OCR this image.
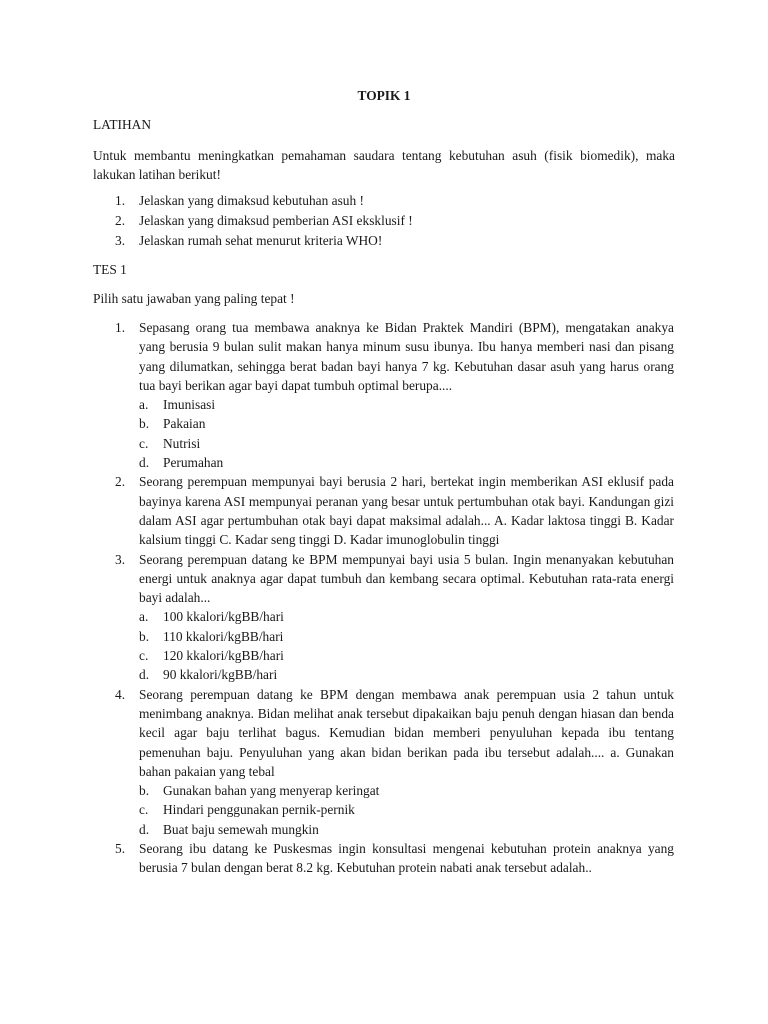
TOPIK 1
LATIHAN
Untuk membantu meningkatkan pemahaman saudara tentang kebutuhan asuh (fisik biomedik), maka lakukan latihan berikut!
1. Jelaskan yang dimaksud kebutuhan asuh !
2. Jelaskan yang dimaksud pemberian ASI eksklusif !
3. Jelaskan rumah sehat menurut kriteria WHO!
TES 1
Pilih satu jawaban yang paling tepat !
1. Sepasang orang tua membawa anaknya ke Bidan Praktek Mandiri (BPM), mengatakan anakya yang berusia 9 bulan sulit makan hanya minum susu ibunya. Ibu hanya memberi nasi dan pisang yang dilumatkan, sehingga berat badan bayi hanya 7 kg. Kebutuhan dasar asuh yang harus orang tua bayi berikan agar bayi dapat tumbuh optimal berupa....
a. Imunisasi
b. Pakaian
c. Nutrisi
d. Perumahan
2. Seorang perempuan mempunyai bayi berusia 2 hari, bertekat ingin memberikan ASI eklusif pada bayinya karena ASI mempunyai peranan yang besar untuk pertumbuhan otak bayi. Kandungan gizi dalam ASI agar pertumbuhan otak bayi dapat maksimal adalah... A. Kadar laktosa tinggi B. Kadar kalsium tinggi C. Kadar seng tinggi D. Kadar imunoglobulin tinggi
3. Seorang perempuan datang ke BPM mempunyai bayi usia 5 bulan. Ingin menanyakan kebutuhan energi untuk anaknya agar dapat tumbuh dan kembang secara optimal. Kebutuhan rata-rata energi bayi adalah...
a. 100 kkalori/kgBB/hari
b. 110 kkalori/kgBB/hari
c. 120 kkalori/kgBB/hari
d. 90 kkalori/kgBB/hari
4. Seorang perempuan datang ke BPM dengan membawa anak perempuan usia 2 tahun untuk menimbang anaknya. Bidan melihat anak tersebut dipakaikan baju penuh dengan hiasan dan benda kecil agar baju terlihat bagus. Kemudian bidan memberi penyuluhan kepada ibu tentang pemenuhan baju. Penyuluhan yang akan bidan berikan pada ibu tersebut adalah.... a. Gunakan bahan pakaian yang tebal
b. Gunakan bahan yang menyerap keringat
c. Hindari penggunakan pernik-pernik
d. Buat baju semewah mungkin
5. Seorang ibu datang ke Puskesmas ingin konsultasi mengenai kebutuhan protein anaknya yang berusia 7 bulan dengan berat 8.2 kg. Kebutuhan protein nabati anak tersebut adalah..
